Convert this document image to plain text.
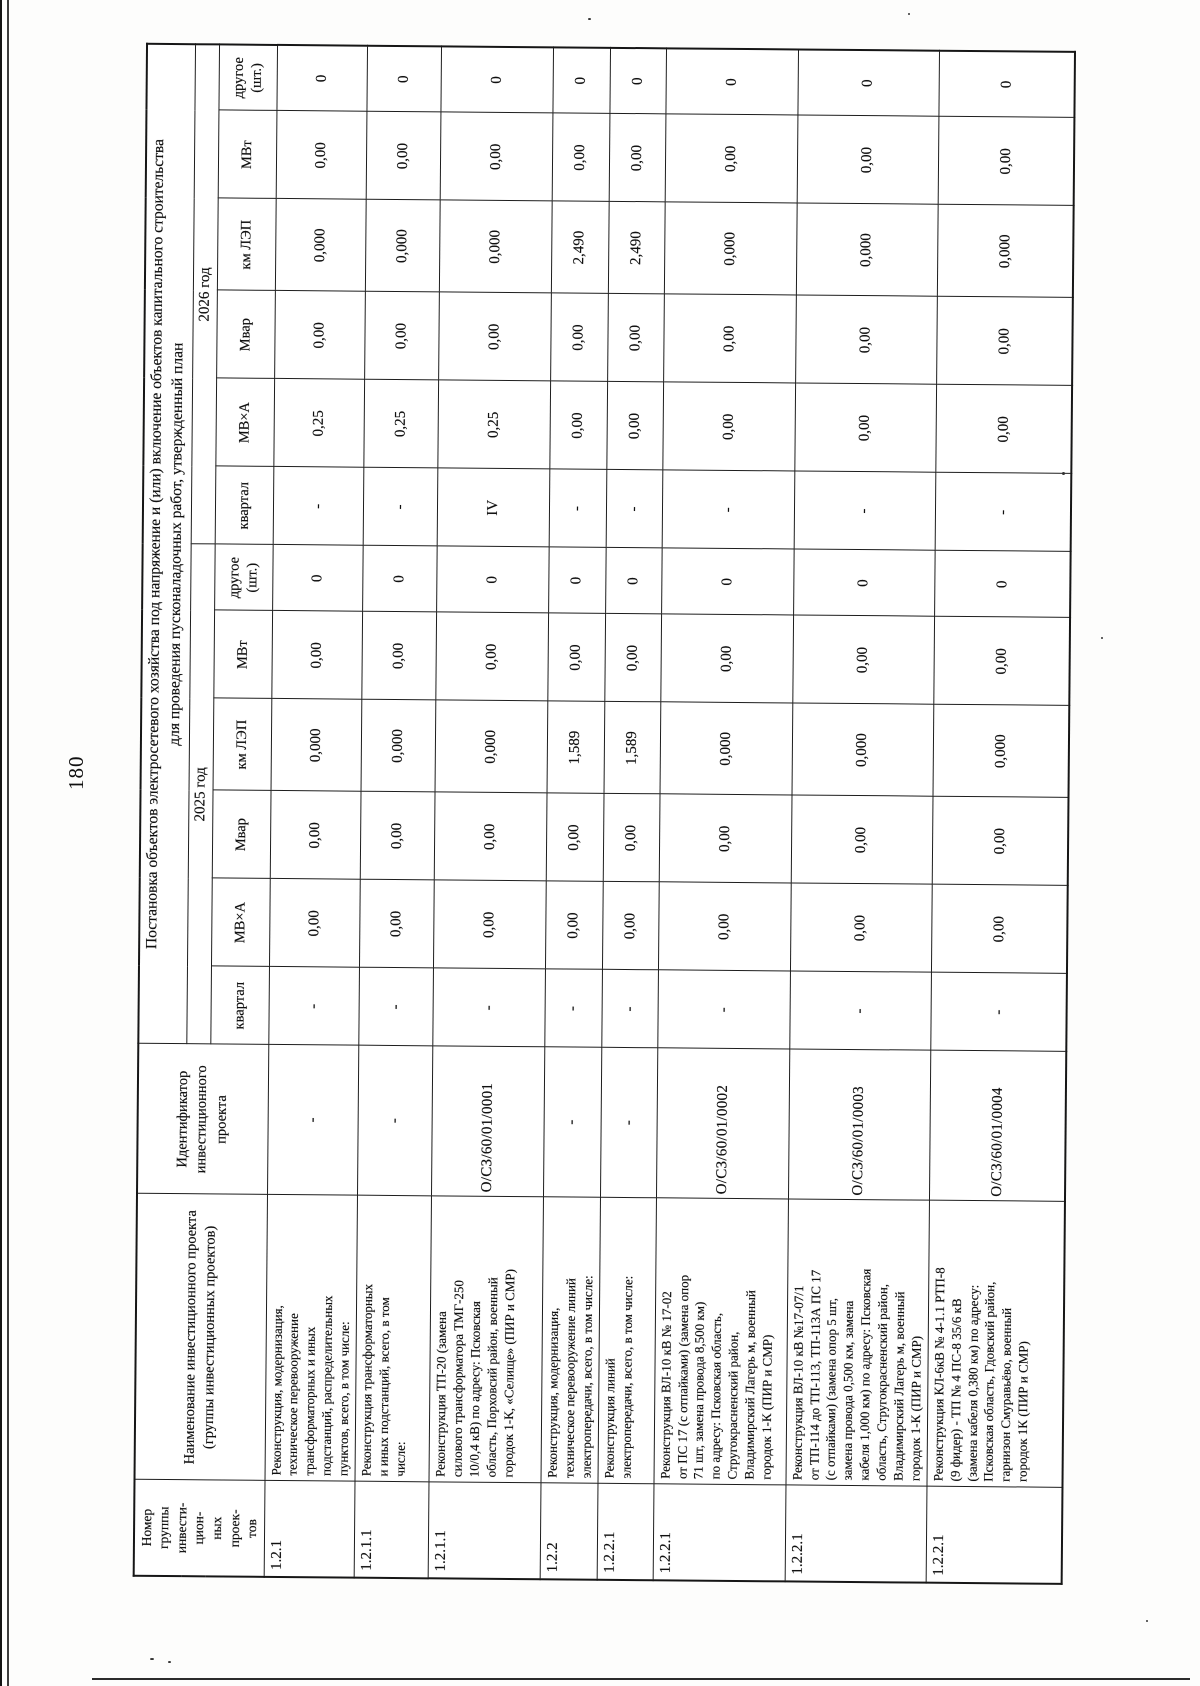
180
Номер
группы
инвести-
цион-
ных
проек-
тов	Наименование инвестиционного проекта (группы инвестиционных проектов)	Идентификатор инвестиционного проекта	Постановка объектов электросетевого хозяйства под напряжение и (или) включение объектов капитального строительства
для проведения пусконаладочных работ, утвержденный план
			2025 год						2026 год					
			квартал	МВ×А	Мвар	км ЛЭП	МВт	другое (шт.)	квартал	МВ×А	Мвар	км ЛЭП	МВт	другое (шт.)
1.2.1	Реконструкция, модернизация,
техническое перевооружение
трансформаторных и иных
подстанций, распределительных
пунктов, всего, в том числе:	-	-	0,00	0,00	0,000	0,00	0	-	0,25	0,00	0,000	0,00	0
1.2.1.1	Реконструкция трансформаторных
и иных подстанций, всего, в том
числе:	-	-	0,00	0,00	0,000	0,00	0	-	0,25	0,00	0,000	0,00	0
1.2.1.1	Реконструкция ТП-20 (замена
силового трансформатора ТМГ-250
10/0,4 кВ) по адресу: Псковская
область, Порховсий район, военный
городок 1-К, «Селище» (ПИР и СМР)	О/СЗ/60/01/0001	-	0,00	0,00	0,000	0,00	0	IV	0,25	0,00	0,000	0,00	0
1.2.2	Реконструкция, модернизация,
техническое перевооружение линий
электропередачи, всего, в том числе:	-	-	0,00	0,00	1,589	0,00	0	-	0,00	0,00	2,490	0,00	0
1.2.2.1	Реконструкция линий
электропередачи, всего, в том числе:	-	-	0,00	0,00	1,589	0,00	0	-	0,00	0,00	2,490	0,00	0
1.2.2.1	Реконструкция ВЛ-10 кВ № 17-02
от ПС 17 (с отпайками) (замена опор
71 шт, замена провода 8,500 км)
по адресу: Псковская область,
Стругокрасненский район,
Владимирский Лагерь м, военный
городок 1-К (ПИР и СМР)	О/СЗ/60/01/0002	-	0,00	0,00	0,000	0,00	0	-	0,00	0,00	0,000	0,00	0
1.2.2.1	Реконструкция ВЛ-10 кВ №17-07/1
от ТП-114 до ТП-113, ТП-113А ПС 17
(с отпайками) (замена опор 5 шт,
замена провода 0,500 км, замена
кабеля 1,000 км) по адресу: Псковская
область, Стругокрасненский район,
Владимирский Лагерь м, военный
городок 1-К (ПИР и СМР)	О/СЗ/60/01/0003	-	0,00	0,00	0,000	0,00	0	-	0,00	0,00	0,000	0,00	0
1.2.2.1	Реконструкция КЛ-6кВ № 4-1.1 РТП-8
(9 фидер) - ТП № 4 ПС-8 35/6 кВ
(замена кабеля 0,380 км) по адресу:
Псковская область, Гдовский район,
гарнизон Смуравьёво, военный
городок 1К (ПИР и СМР)	О/СЗ/60/01/0004	-	0,00	0,00	0,000	0,00	0	-	0,00	0,00	0,000	0,00	0
